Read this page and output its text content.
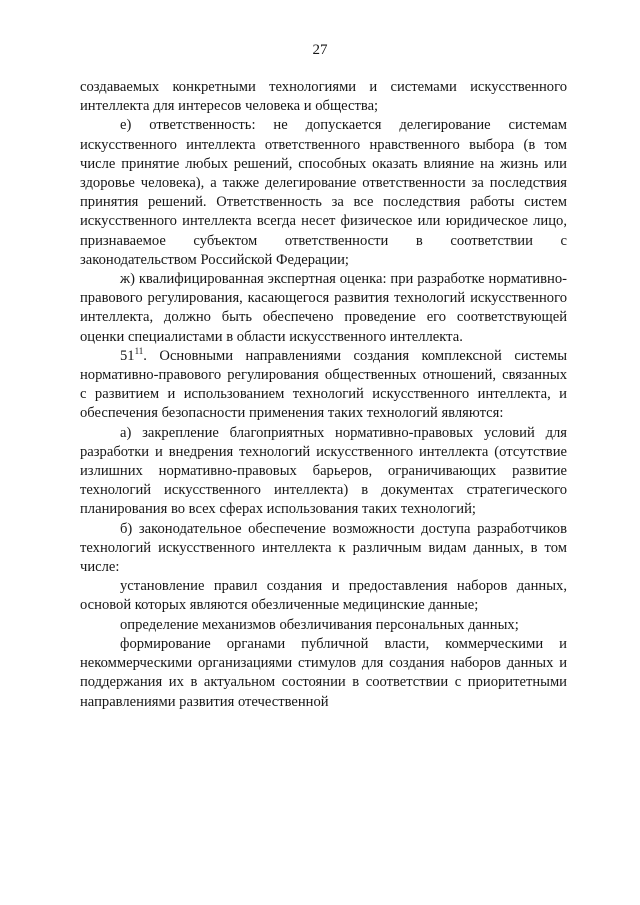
27

создаваемых конкретными технологиями и системами искусственного интеллекта для интересов человека и общества;

е) ответственность: не допускается делегирование системам искусственного интеллекта ответственного нравственного выбора (в том числе принятие любых решений, способных оказать влияние на жизнь или здоровье человека), а также делегирование ответственности за последствия принятия решений. Ответственность за все последствия работы систем искусственного интеллекта всегда несет физическое или юридическое лицо, признаваемое субъектом ответственности в соответствии с законодательством Российской Федерации;

ж) квалифицированная экспертная оценка: при разработке нормативно-правового регулирования, касающегося развития технологий искусственного интеллекта, должно быть обеспечено проведение его соответствующей оценки специалистами в области искусственного интеллекта.

$51^{11}$. Основными направлениями создания комплексной системы нормативно-правового регулирования общественных отношений, связанных с развитием и использованием технологий искусственного интеллекта, и обеспечения безопасности применения таких технологий являются:

а) закрепление благоприятных нормативно-правовых условий для разработки и внедрения технологий искусственного интеллекта (отсутствие излишних нормативно-правовых барьеров, ограничивающих развитие технологий искусственного интеллекта) в документах стратегического планирования во всех сферах использования таких технологий;

б) законодательное обеспечение возможности доступа разработчиков технологий искусственного интеллекта к различным видам данных, в том числе:

установление правил создания и предоставления наборов данных, основой которых являются обезличенные медицинские данные;

определение механизмов обезличивания персональных данных;

формирование органами публичной власти, коммерческими и некоммерческими организациями стимулов для создания наборов данных и поддержания их в актуальном состоянии в соответствии с приоритетными направлениями развития отечественной
